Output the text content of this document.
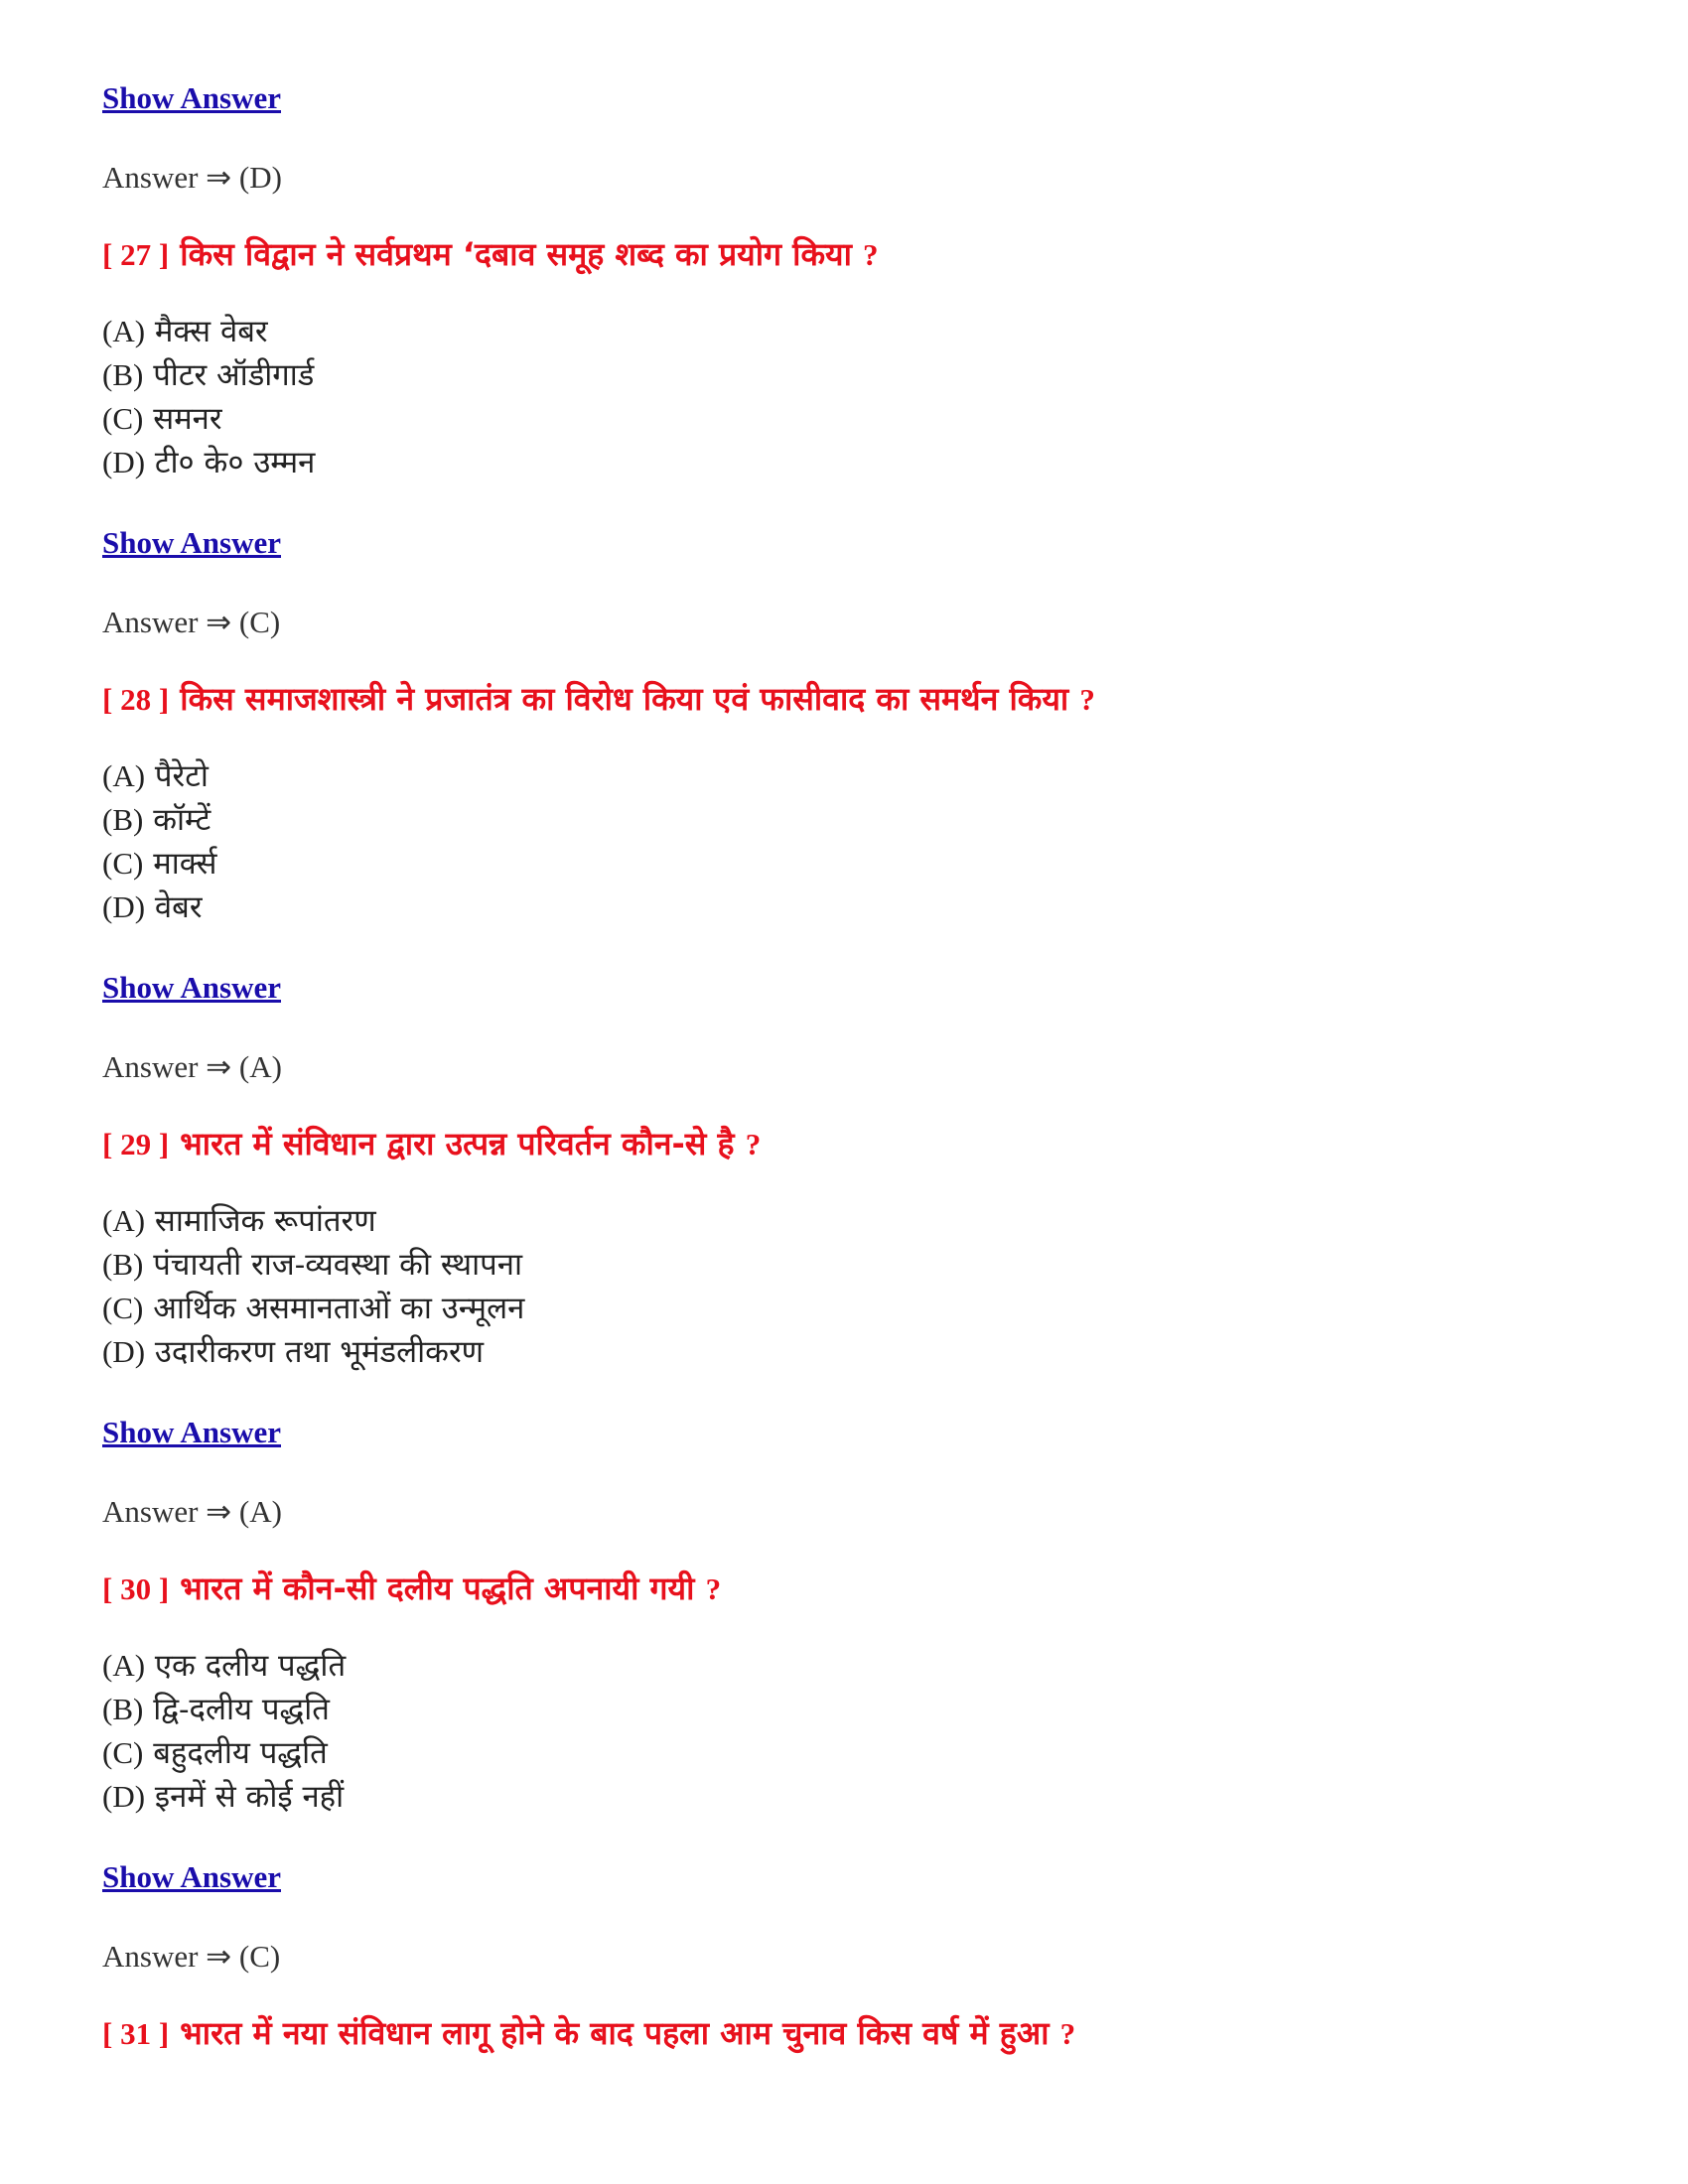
Show Answer
Answer ⇒ (D)
[ 27 ] किस विद्वान ने सर्वप्रथम ‘दबाव समूह शब्द का प्रयोग किया ?
(A) मैक्स वेबर
(B) पीटर ऑडीगार्ड
(C) समनर
(D) टी० के० उम्मन
Show Answer
Answer ⇒ (C)
[ 28 ] किस समाजशास्त्री ने प्रजातंत्र का विरोध किया एवं फासीवाद का समर्थन किया ?
(A) पैरेटो
(B) कॉम्टें
(C) मार्क्स
(D) वेबर
Show Answer
Answer ⇒ (A)
[ 29 ] भारत में संविधान द्वारा उत्पन्न परिवर्तन कौन-से है ?
(A) सामाजिक रूपांतरण
(B) पंचायती राज-व्यवस्था की स्थापना
(C) आर्थिक असमानताओं का उन्मूलन
(D) उदारीकरण तथा भूमंडलीकरण
Show Answer
Answer ⇒ (A)
[ 30 ] भारत में कौन-सी दलीय पद्धति अपनायी गयी ?
(A) एक दलीय पद्धति
(B) द्वि-दलीय पद्धति
(C) बहुदलीय पद्धति
(D) इनमें से कोई नहीं
Show Answer
Answer ⇒ (C)
[ 31 ] भारत में नया संविधान लागू होने के बाद पहला आम चुनाव किस वर्ष में हुआ ?
